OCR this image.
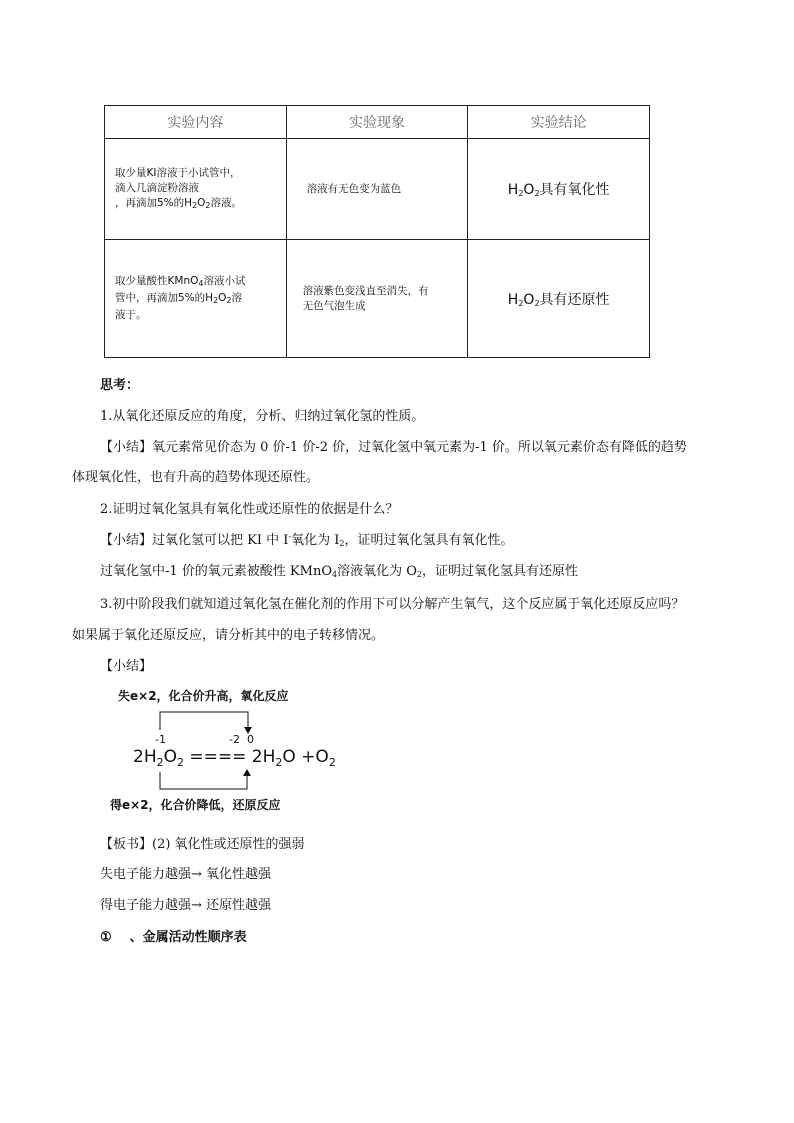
实验内容	实验现象	实验结论

取少量KI溶液于小试管中，
滴入几滴淀粉溶液
，再滴加5%的$H_2O_2$溶液。	溶液有无色变为蓝色	$H_2O_2$具有氧化性

取少量酸性KMnO$_4$溶液小试
管中，再滴加5%的$H_2O_2$溶
液于。	溶液紫色变浅直至消失，有
无色气泡生成	$H_2O_2$具有还原性
思考：
1.从氧化还原反应的角度，分析、归纳过氧化氢的性质。
【小结】氧元素常见价态为 0 价-1 价-2 价，过氧化氢中氧元素为-1 价。所以氧元素价态有降低的趋势
体现氧化性，也有升高的趋势体现还原性。
2.证明过氧化氢具有氧化性或还原性的依据是什么？
【小结】过氧化氢可以把 KI 中 I-氧化为 $I_2$，证明过氧化氢具有氧化性。
过氧化氢中-1 价的氧元素被酸性 KMnO$_4$溶液氧化为 $O_2$，证明过氧化氢具有还原性
3.初中阶段我们就知道过氧化氢在催化剂的作用下可以分解产生氧气，这个反应属于氧化还原反应吗？
如果属于氧化还原反应，请分析其中的电子转移情况。
【小结】
失e×2，化合价升高，氧化反应
-1	-2 0
$2H_2O_2$ ==== $2H_2O +O_2$
得e×2，化合价降低，还原反应
【板书】(2) 氧化性或还原性的强弱
失电子能力越强→ 氧化性越强
得电子能力越强→ 还原性越强
① 、金属活动性顺序表
